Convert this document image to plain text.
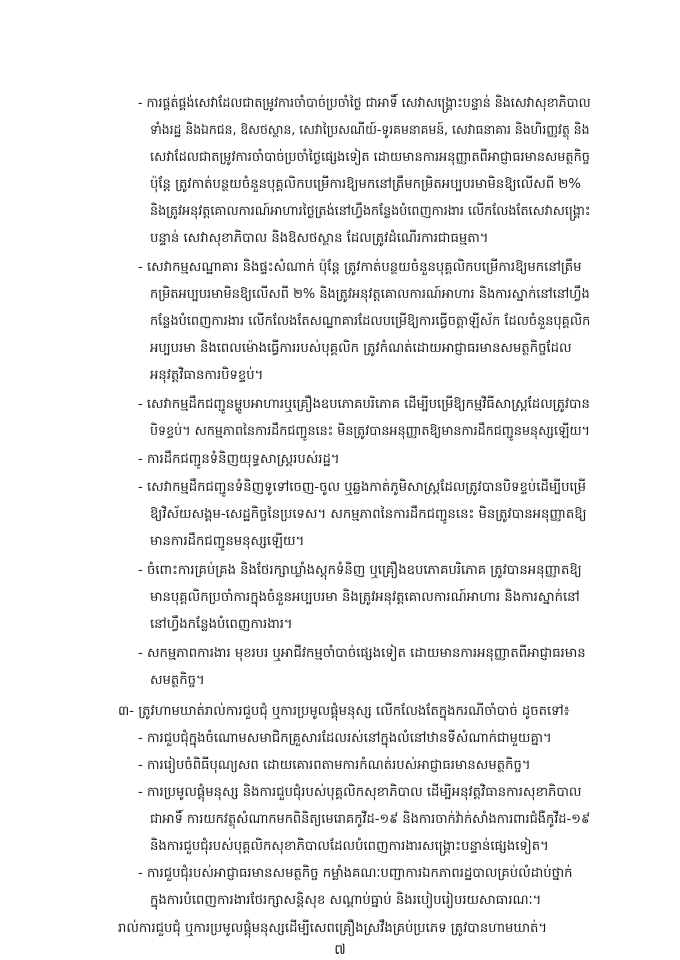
- ការផ្គត់ផ្គង់សេវាដែលជាតម្រូវការចាំបាច់ប្រចាំថ្ងៃ ជាអាទិ៍ សេវាសង្គ្រោះបន្ទាន់ និងសេវាសុខាភិបាល
ទាំងរដ្ឋ និងឯកជន, ឱសថស្ថាន, សេវាប្រៃសណីយ៍-ទូរគមនាគមន៍, សេវាធនាគារ និងហិរញ្ញវត្ថុ និង
សេវាដែលជាតម្រូវការចាំបាច់ប្រចាំថ្ងៃផ្សេងទៀត ដោយមានការអនុញ្ញាតពីអាជ្ញាធរមានសមត្ថកិច្ច
ប៉ុន្តែ ត្រូវកាត់បន្ថយចំនួនបុគ្គលិកបម្រើការឱ្យមកនៅត្រឹមកម្រិតអប្បបរមាមិនឱ្យលើសពី ២%
និងត្រូវអនុវត្តគោលការណ៍អាហារថ្ងៃត្រង់នៅហ្វឹងកន្លែងបំពេញការងារ លើកលែងតែសេវាសង្គ្រោះ
បន្ទាន់ សេវាសុខាភិបាល និងឱសថស្ថាន ដែលត្រូវដំណើរការជាធម្មតា។
- សេវាកម្មសណ្ឋាគារ និងផ្ទះសំណាក់ ប៉ុន្តែ ត្រូវកាត់បន្ថយចំនួនបុគ្គលិកបម្រើការឱ្យមកនៅត្រឹម
កម្រិតអប្បបរមាមិនឱ្យលើសពី ២% និងត្រូវអនុវត្តគោលការណ៍អាហារ និងការស្នាក់នៅនៅហ្វឹង
កន្លែងបំពេញការងារ លើកលែងតែសណ្ឋាគារដែលបម្រើឱ្យការធ្វើចត្តាឡីស័ក ដែលចំនួនបុគ្គលិក
អប្បបរមា និងពេលម៉ោងធ្វើការរបស់បុគ្គលិក ត្រូវកំណត់ដោយអាជ្ញាធរមានសមត្ថកិច្ចដែល
អនុវត្តវិធានការបិទខ្ទប់។
- សេវាកម្មដឹកជញ្ជូនម្ហូបអាហារឬគ្រឿងឧបភោគបរិភោគ ដើម្បីបម្រើឱ្យកម្មវិធីសាស្ត្រដែលត្រូវបាន
បិទខ្ទប់។ សកម្មភាពនៃការដឹកជញ្ជូននេះ មិនត្រូវបានអនុញ្ញាតឱ្យមានការដឹកជញ្ជូនមនុស្សឡើយ។
- ការដឹកជញ្ជូនទំនិញយុទ្ធសាស្ត្ររបស់រដ្ឋ។
- សេវាកម្មដឹកជញ្ជូនទំនិញទូទៅចេញ-ចូល ឬឆ្លងកាត់ភូមិសាស្ត្រដែលត្រូវបានបិទខ្ទប់ដើម្បីបម្រើ
ឱ្យវិស័យសង្គម-សេដ្ឋកិច្ចនៃប្រទេស។ សកម្មភាពនៃការដឹកជញ្ជូននេះ មិនត្រូវបានអនុញ្ញាតឱ្យ
មានការដឹកជញ្ជូនមនុស្សឡើយ។
- ចំពោះការគ្រប់គ្រង និងថែរក្សាឃ្លាំងស្តុកទំនិញ ឬគ្រឿងឧបភោគបរិភោគ ត្រូវបានអនុញ្ញាតឱ្យ
មានបុគ្គលិកប្រចាំការក្នុងចំនួនអប្បបរមា និងត្រូវអនុវត្តគោលការណ៍អាហារ និងការស្នាក់នៅ
នៅហ្វឹងកន្លែងបំពេញការងារ។
- សកម្មភាពការងារ មុខរបរ ឬអាជីវកម្មចាំបាច់ផ្សេងទៀត ដោយមានការអនុញ្ញាតពីអាជ្ញាធរមាន
សមត្ថកិច្ច។
៣- ត្រូវហាមឃាត់រាល់ការជួបជុំ ឬការប្រមូលផ្តុំមនុស្ស លើកលែងតែក្នុងករណីចាំបាច់ ដូចតទៅ៖
- ការជួបជុំក្នុងចំណោមសមាជិកគ្រួសារដែលរស់នៅក្នុងលំនៅឋានទីសំណាក់ជាមួយគ្នា។
- ការរៀបចំពិធីបុណ្យសព ដោយគោរពតាមការកំណត់របស់អាជ្ញាធរមានសមត្ថកិច្ច។
- ការប្រមូលផ្តុំមនុស្ស និងការជួបជុំរបស់បុគ្គលិកសុខាភិបាល ដើម្បីអនុវត្តវិធានការសុខាភិបាល
ជាអាទិ៍ ការយកវត្ថុសំណាកមកពិនិត្យមេរោគកូវីដ-១៩ និងការចាក់វ៉ាក់សាំងការពារជំងឺកូវីដ-១៩
និងការជួបជុំរបស់បុគ្គលិកសុខាភិបាលដែលបំពេញការងារសង្គ្រោះបន្ទាន់ផ្សេងទៀត។
- ការជួបជុំរបស់អាជ្ញាធរមានសមត្ថកិច្ច កម្លាំងគណៈបញ្ជាការឯកភាពរដ្ឋបាលគ្រប់លំដាប់ថ្នាក់
ក្នុងការបំពេញការងារថែរក្សាសន្តិសុខ សណ្តាប់ធ្នាប់ និងរបៀបរៀបរយសាធារណៈ។
រាល់ការជួបជុំ ឬការប្រមូលផ្តុំមនុស្សដើម្បីសេពគ្រឿងស្រវឹងគ្រប់ប្រភេទ ត្រូវបានហាមឃាត់។
៧
